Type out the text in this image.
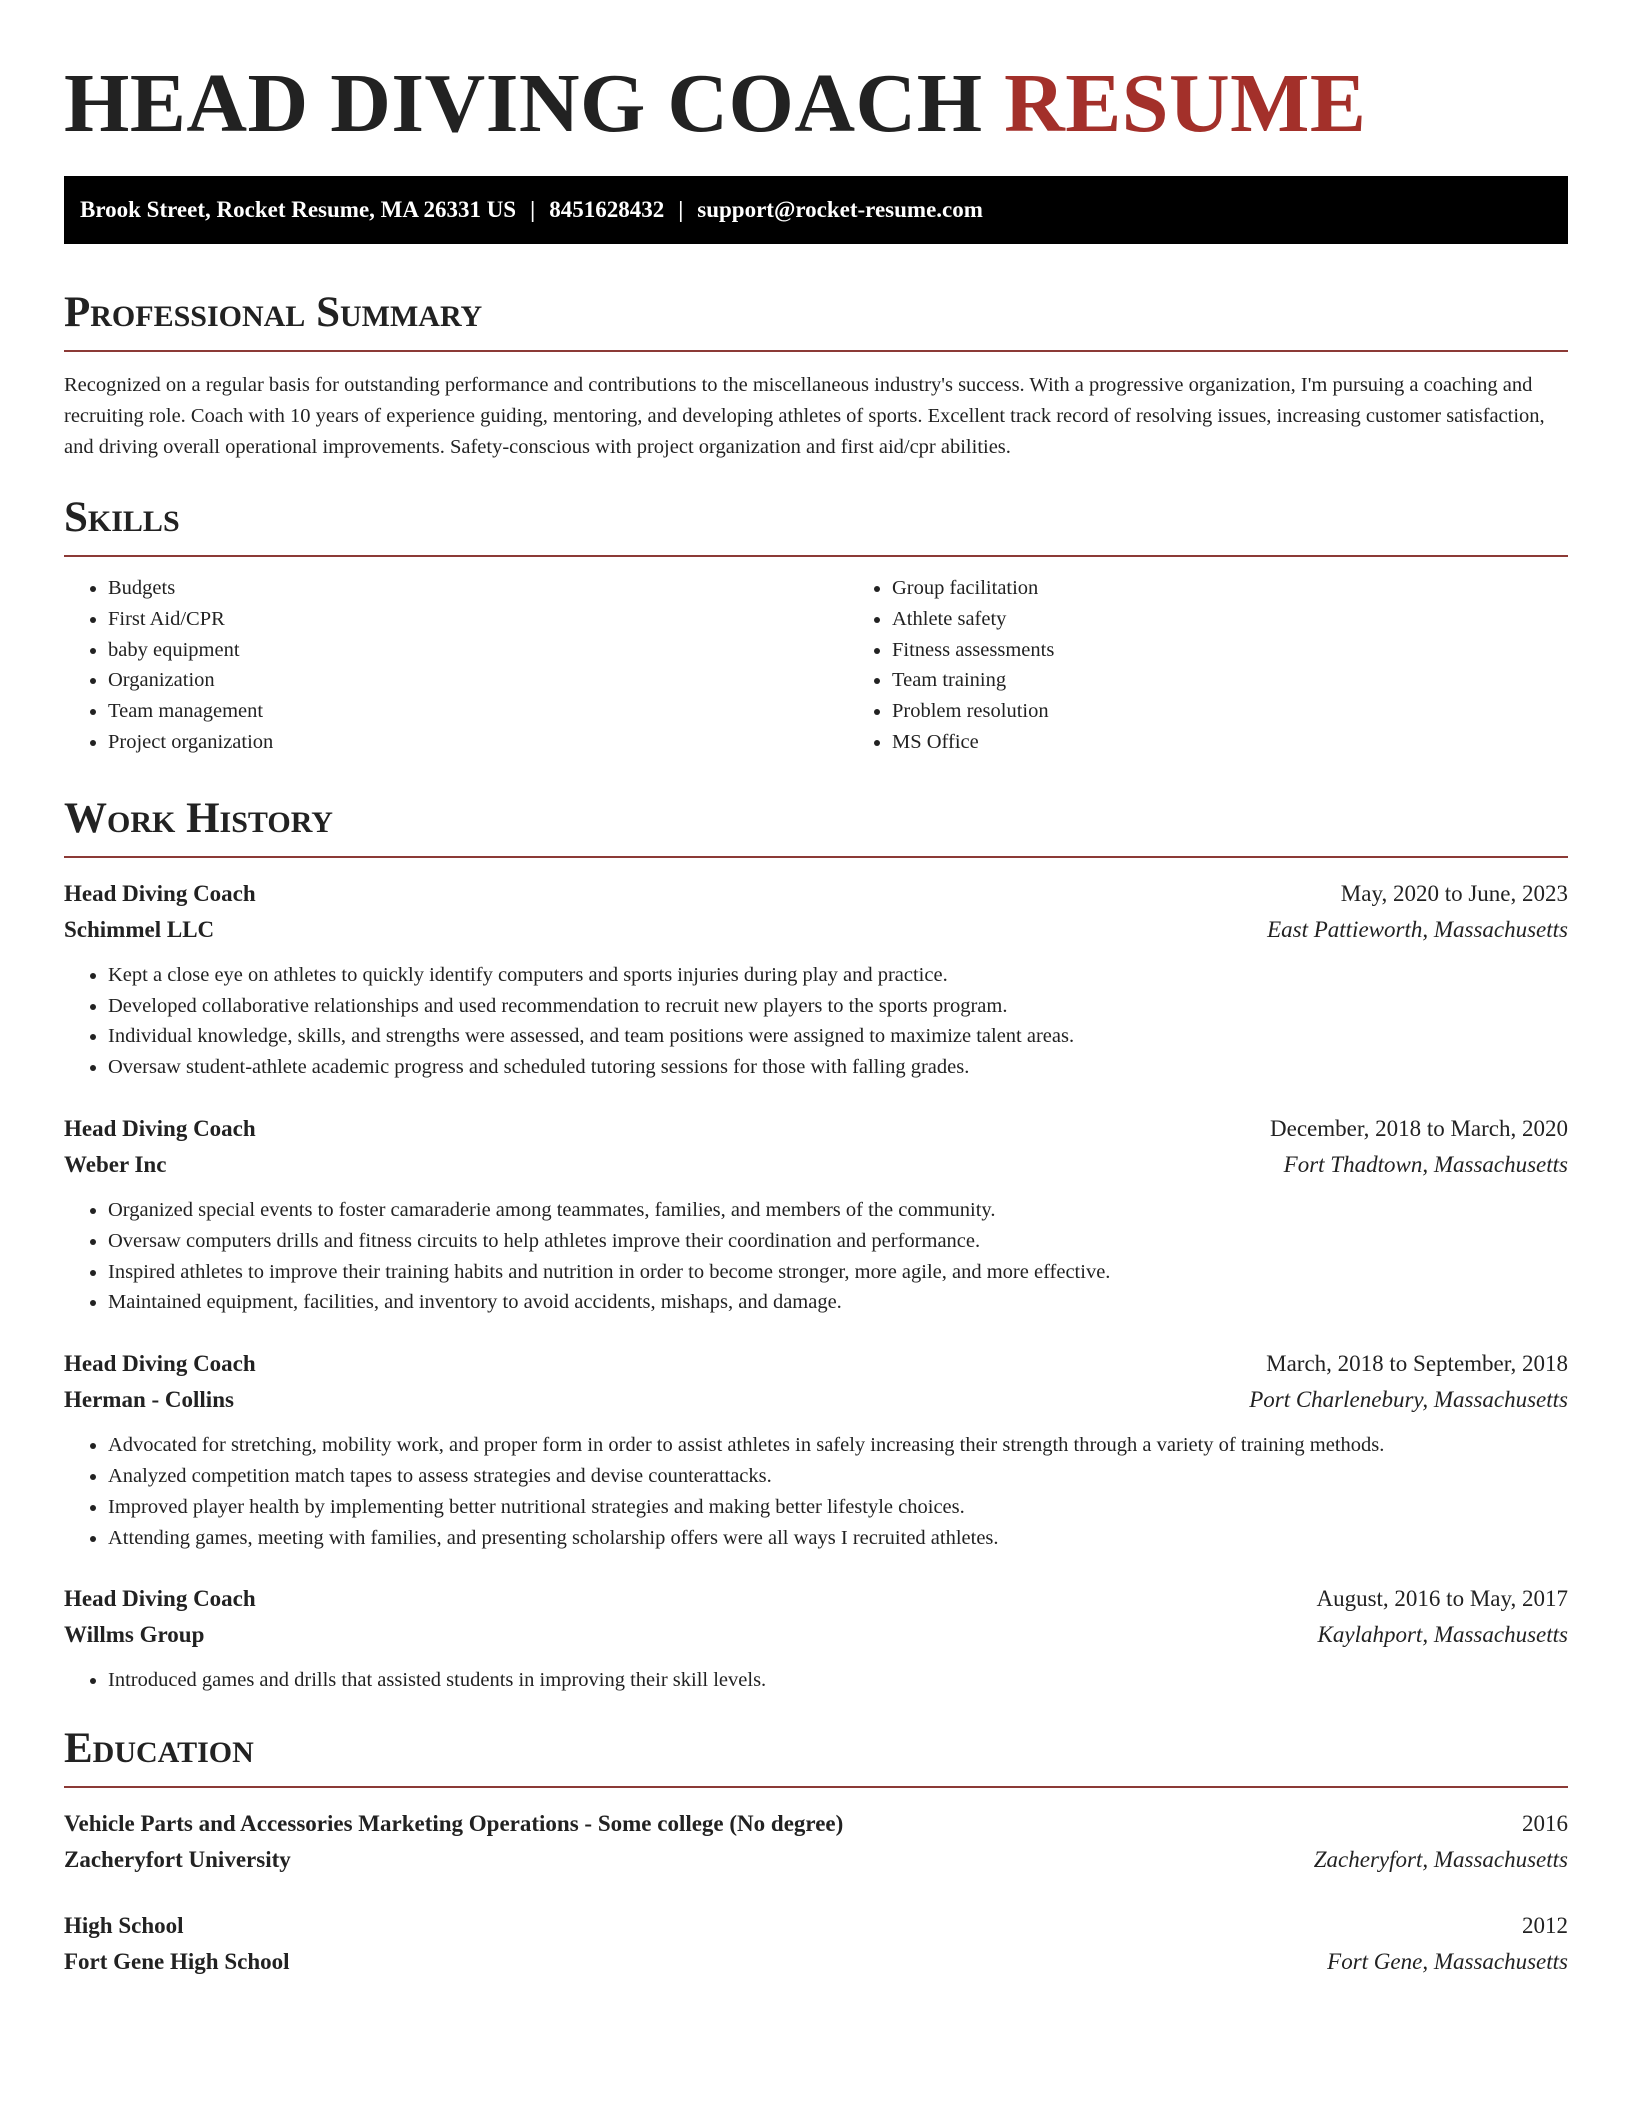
HEAD DIVING COACH RESUME
Brook Street, Rocket Resume, MA 26331 US | 8451628432 | support@rocket-resume.com
Professional Summary

Recognized on a regular basis for outstanding performance and contributions to the miscellaneous industry's success. With a progressive organization, I'm pursuing a coaching and recruiting role. Coach with 10 years of experience guiding, mentoring, and developing athletes of sports. Excellent track record of resolving issues, increasing customer satisfaction, and driving overall operational improvements. Safety-conscious with project organization and first aid/cpr abilities.

Skills
• Budgets
• First Aid/CPR
• baby equipment
• Organization
• Team management
• Project organization
• Group facilitation
• Athlete safety
• Fitness assessments
• Team training
• Problem resolution
• MS Office
Work History
Head Diving Coach	May, 2020 to June, 2023
Schimmel LLC	East Pattieworth, Massachusetts
• Kept a close eye on athletes to quickly identify computers and sports injuries during play and practice.
• Developed collaborative relationships and used recommendation to recruit new players to the sports program.
• Individual knowledge, skills, and strengths were assessed, and team positions were assigned to maximize talent areas.
• Oversaw student-athlete academic progress and scheduled tutoring sessions for those with falling grades.
Head Diving Coach	December, 2018 to March, 2020
Weber Inc	Fort Thadtown, Massachusetts
• Organized special events to foster camaraderie among teammates, families, and members of the community.
• Oversaw computers drills and fitness circuits to help athletes improve their coordination and performance.
• Inspired athletes to improve their training habits and nutrition in order to become stronger, more agile, and more effective.
• Maintained equipment, facilities, and inventory to avoid accidents, mishaps, and damage.
Head Diving Coach	March, 2018 to September, 2018
Herman - Collins	Port Charlenebury, Massachusetts
• Advocated for stretching, mobility work, and proper form in order to assist athletes in safely increasing their strength through a variety of training methods.
• Analyzed competition match tapes to assess strategies and devise counterattacks.
• Improved player health by implementing better nutritional strategies and making better lifestyle choices.
• Attending games, meeting with families, and presenting scholarship offers were all ways I recruited athletes.
Head Diving Coach	August, 2016 to May, 2017
Willms Group	Kaylahport, Massachusetts
• Introduced games and drills that assisted students in improving their skill levels.
Education
Vehicle Parts and Accessories Marketing Operations - Some college (No degree)	2016
Zacheryfort University	Zacheryfort, Massachusetts
High School	2012
Fort Gene High School	Fort Gene, Massachusetts
